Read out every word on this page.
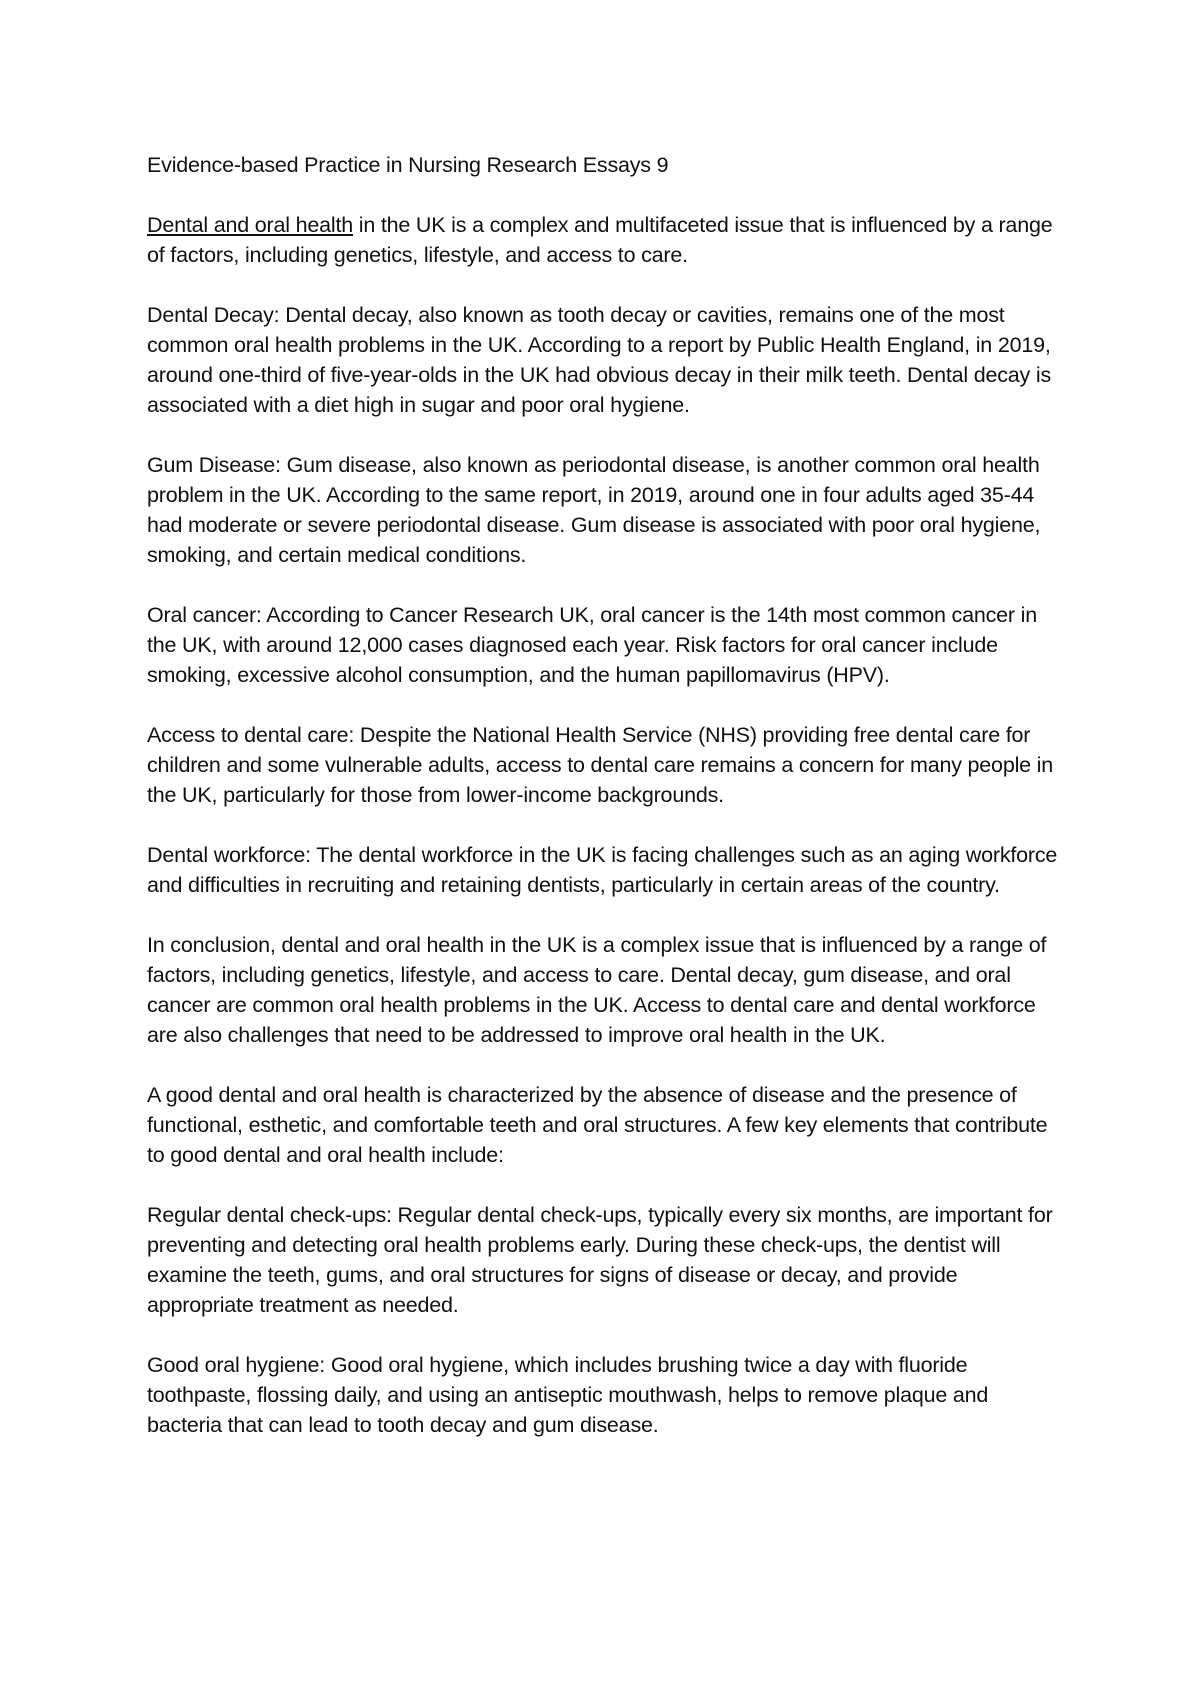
Evidence-based Practice in Nursing Research Essays 9

Dental and oral health in the UK is a complex and multifaceted issue that is influenced by a range of factors, including genetics, lifestyle, and access to care.

Dental Decay: Dental decay, also known as tooth decay or cavities, remains one of the most common oral health problems in the UK. According to a report by Public Health England, in 2019, around one-third of five-year-olds in the UK had obvious decay in their milk teeth. Dental decay is associated with a diet high in sugar and poor oral hygiene.

Gum Disease: Gum disease, also known as periodontal disease, is another common oral health problem in the UK. According to the same report, in 2019, around one in four adults aged 35-44 had moderate or severe periodontal disease. Gum disease is associated with poor oral hygiene, smoking, and certain medical conditions.

Oral cancer: According to Cancer Research UK, oral cancer is the 14th most common cancer in the UK, with around 12,000 cases diagnosed each year. Risk factors for oral cancer include smoking, excessive alcohol consumption, and the human papillomavirus (HPV).

Access to dental care: Despite the National Health Service (NHS) providing free dental care for children and some vulnerable adults, access to dental care remains a concern for many people in the UK, particularly for those from lower-income backgrounds.

Dental workforce: The dental workforce in the UK is facing challenges such as an aging workforce and difficulties in recruiting and retaining dentists, particularly in certain areas of the country.

In conclusion, dental and oral health in the UK is a complex issue that is influenced by a range of factors, including genetics, lifestyle, and access to care. Dental decay, gum disease, and oral cancer are common oral health problems in the UK. Access to dental care and dental workforce are also challenges that need to be addressed to improve oral health in the UK.

A good dental and oral health is characterized by the absence of disease and the presence of functional, esthetic, and comfortable teeth and oral structures. A few key elements that contribute to good dental and oral health include:

Regular dental check-ups: Regular dental check-ups, typically every six months, are important for preventing and detecting oral health problems early. During these check-ups, the dentist will examine the teeth, gums, and oral structures for signs of disease or decay, and provide appropriate treatment as needed.

Good oral hygiene: Good oral hygiene, which includes brushing twice a day with fluoride toothpaste, flossing daily, and using an antiseptic mouthwash, helps to remove plaque and bacteria that can lead to tooth decay and gum disease.
